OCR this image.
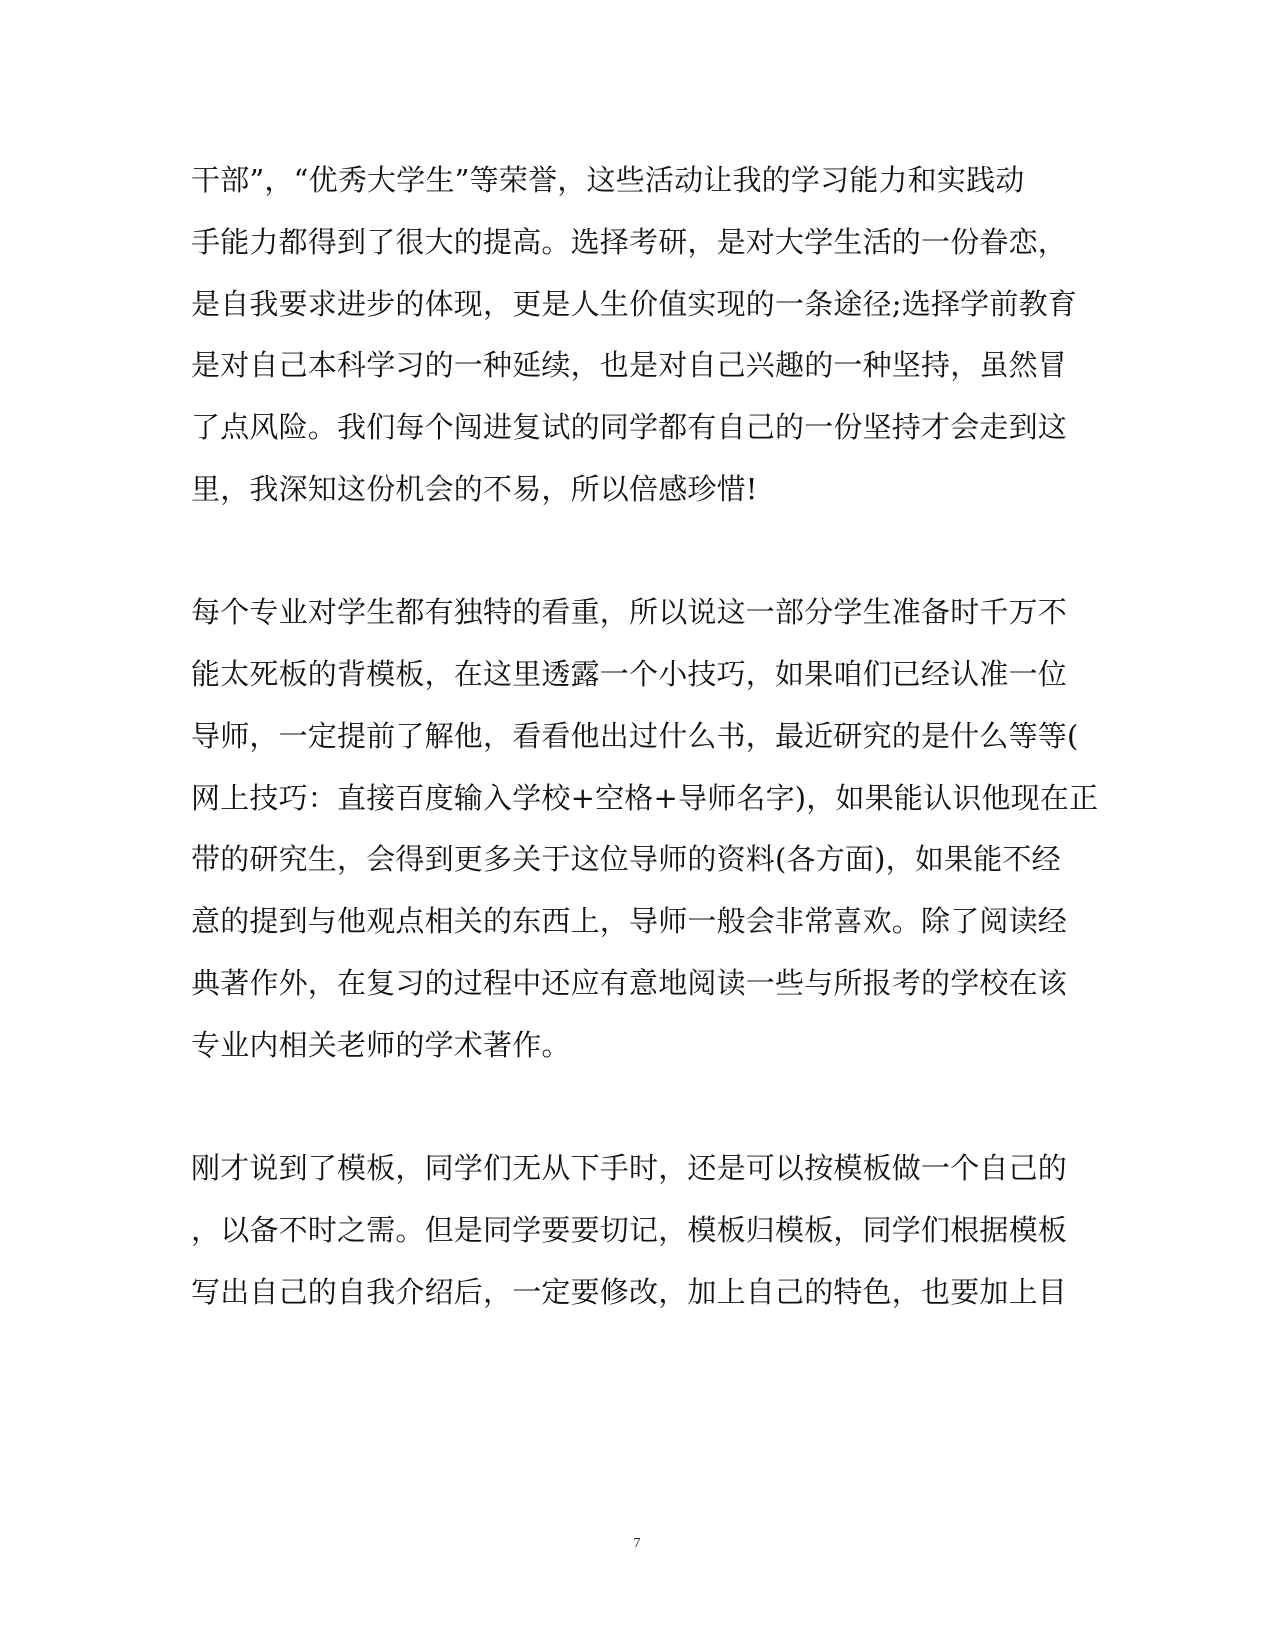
干部”，“优秀大学生”等荣誉，这些活动让我的学习能力和实践动
手能力都得到了很大的提高。选择考研，是对大学生活的一份眷恋，
是自我要求进步的体现，更是人生价值实现的一条途径;选择学前教育
是对自己本科学习的一种延续，也是对自己兴趣的一种坚持，虽然冒
了点风险。我们每个闯进复试的同学都有自己的一份坚持才会走到这
里，我深知这份机会的不易，所以倍感珍惜!
每个专业对学生都有独特的看重，所以说这一部分学生准备时千万不
能太死板的背模板，在这里透露一个小技巧，如果咱们已经认准一位
导师，一定提前了解他，看看他出过什么书，最近研究的是什么等等(
网上技巧：直接百度输入学校+空格+导师名字)，如果能认识他现在正
带的研究生，会得到更多关于这位导师的资料(各方面)，如果能不经
意的提到与他观点相关的东西上，导师一般会非常喜欢。除了阅读经
典著作外，在复习的过程中还应有意地阅读一些与所报考的学校在该
专业内相关老师的学术著作。
刚才说到了模板，同学们无从下手时，还是可以按模板做一个自己的
，以备不时之需。但是同学要要切记，模板归模板，同学们根据模板
写出自己的自我介绍后，一定要修改，加上自己的特色，也要加上目
7
